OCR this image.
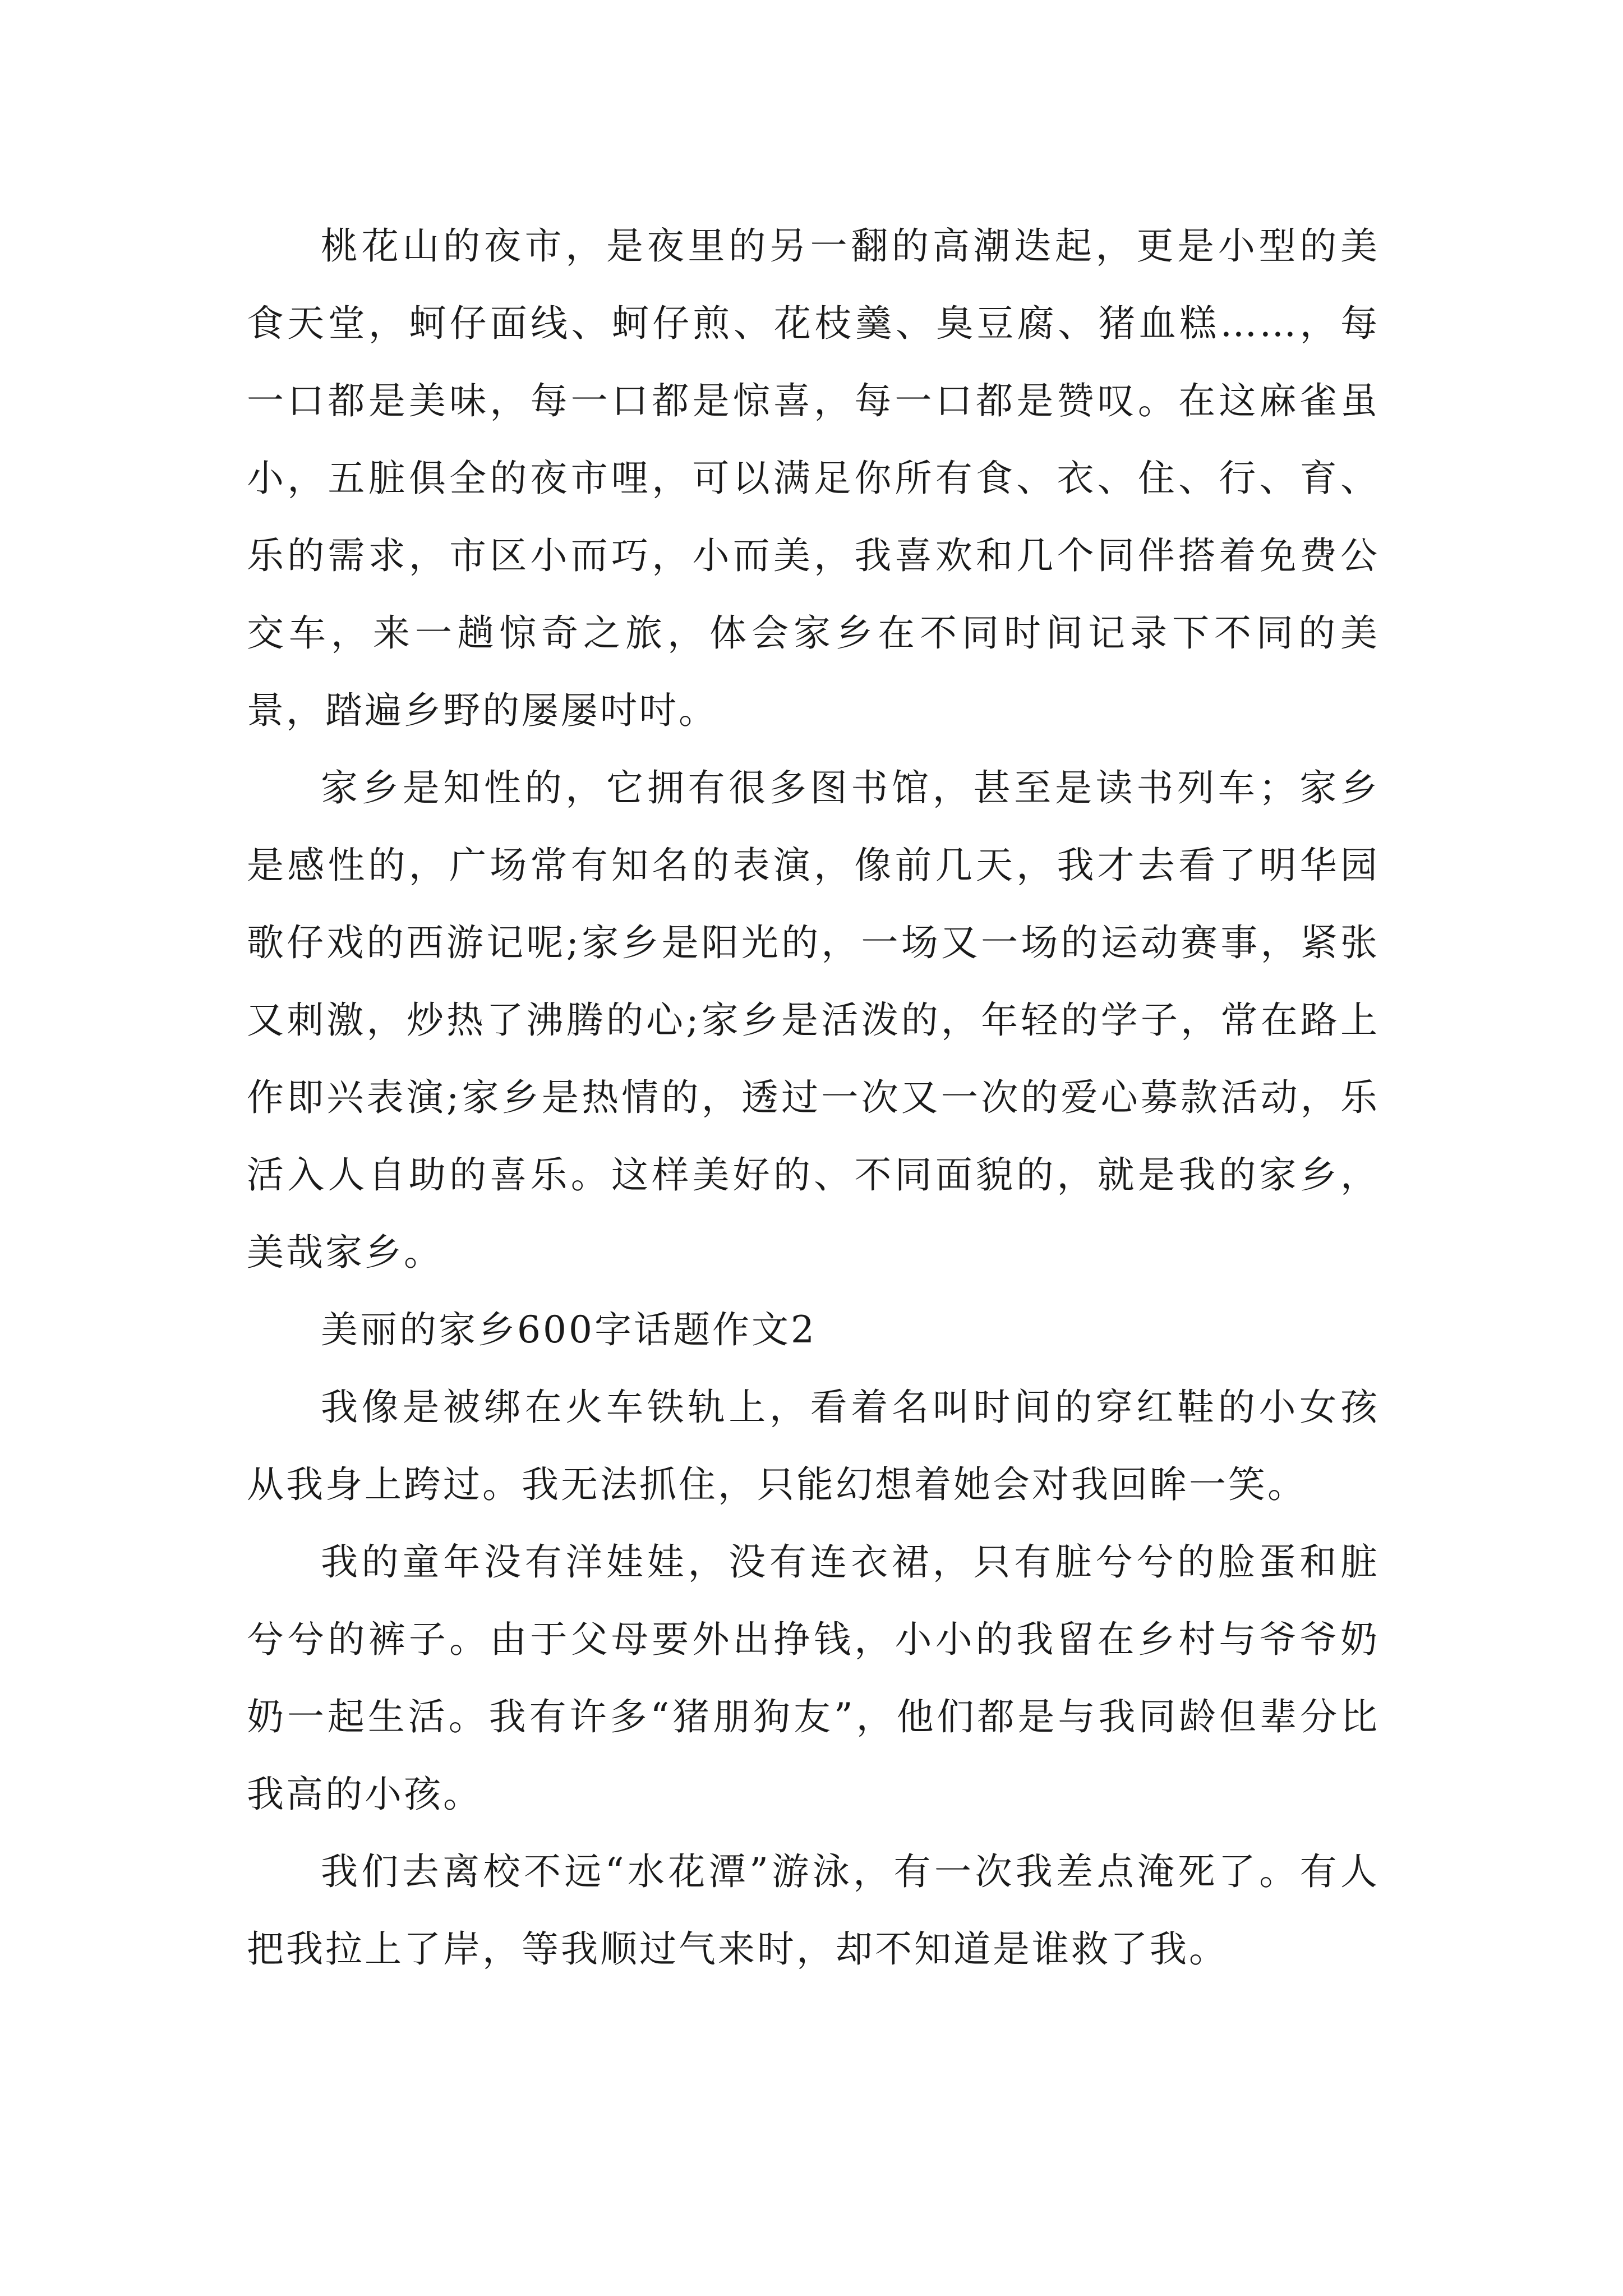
桃花山的夜市，是夜里的另一翻的高潮迭起，更是小型的美食天堂，蚵仔面线、蚵仔煎、花枝羹、臭豆腐、猪血糕……，每一口都是美味，每一口都是惊喜，每一口都是赞叹。在这麻雀虽小，五脏俱全的夜市哩，可以满足你所有食、衣、住、行、育、乐的需求，市区小而巧，小而美，我喜欢和几个同伴搭着免费公交车，来一趟惊奇之旅，体会家乡在不同时间记录下不同的美景，踏遍乡野的屡屡吋吋。

家乡是知性的，它拥有很多图书馆，甚至是读书列车；家乡是感性的，广场常有知名的表演，像前几天，我才去看了明华园歌仔戏的西游记呢;家乡是阳光的，一场又一场的运动赛事，紧张又刺激，炒热了沸腾的心;家乡是活泼的，年轻的学子，常在路上作即兴表演;家乡是热情的，透过一次又一次的爱心募款活动，乐活入人自助的喜乐。这样美好的、不同面貌的，就是我的家乡，美哉家乡。

美丽的家乡600字话题作文2

我像是被绑在火车铁轨上，看着名叫时间的穿红鞋的小女孩从我身上跨过。我无法抓住，只能幻想着她会对我回眸一笑。

我的童年没有洋娃娃，没有连衣裙，只有脏兮兮的脸蛋和脏兮兮的裤子。由于父母要外出挣钱，小小的我留在乡村与爷爷奶奶一起生活。我有许多“猪朋狗友”，他们都是与我同龄但辈分比我高的小孩。

我们去离校不远“水花潭”游泳，有一次我差点淹死了。有人把我拉上了岸，等我顺过气来时，却不知道是谁救了我。
